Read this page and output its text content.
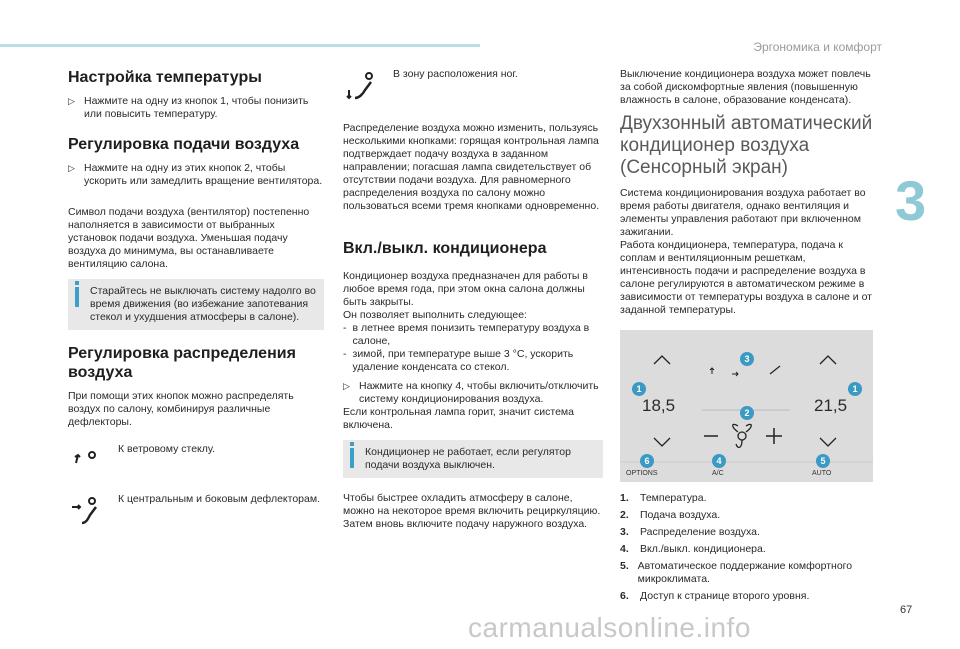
Эргономика и комфорт
3
67
carmanualsonline.info
Настройка температуры
▷ Нажмите на одну из кнопок 1, чтобы понизить или повысить температуру.
Регулировка подачи воздуха
▷ Нажмите на одну из этих кнопок 2, чтобы ускорить или замедлить вращение вентилятора.

Символ подачи воздуха (вентилятор) постепенно наполняется в зависимости от выбранных установок подачи воздуха. Уменьшая подачу воздуха до минимума, вы останавливаете вентиляцию салона.

Старайтесь не выключать систему надолго во время движения (во избежание запотевания стекол и ухудшения атмосферы в салоне).
Регулировка распределения воздуха

При помощи этих кнопок можно распределять воздух по салону, комбинируя различные дефлекторы.

К ветровому стеклу.
К центральным и боковым дефлекторам.
В зону расположения ног.

Распределение воздуха можно изменить, пользуясь несколькими кнопками: горящая контрольная лампа подтверждает подачу воздуха в заданном направлении; погасшая лампа свидетельствует об отсутствии подачи воздуха. Для равномерного распределения воздуха по салону можно пользоваться всеми тремя кнопками одновременно.

Вкл./выкл. кондиционера

Кондиционер воздуха предназначен для работы в любое время года, при этом окна салона должны быть закрыты.

Он позволяет выполнить следующее:

- в летнее время понизить температуру воздуха в салоне,
- зимой, при температуре выше 3 °C, ускорить удаление конденсата со стекол.
▷ Нажмите на кнопку 4, чтобы включить/отключить систему кондиционирования воздуха.

Если контрольная лампа горит, значит система включена.

Кондиционер не работает, если регулятор подачи воздуха выключен.

Чтобы быстрее охладить атмосферу в салоне, можно на некоторое время включить рециркуляцию. Затем вновь включите подачу наружного воздуха.

Выключение кондиционера воздуха может повлечь за собой дискомфортные явления (повышенную влажность в салоне, образование конденсата).

Двухзонный автоматический кондиционер воздуха (Сенсорный экран)

Система кондиционирования воздуха работает во время работы двигателя, однако вентиляция и элементы управления работают при включенном зажигании.

Работа кондиционера, температура, подача к соплам и вентиляционным решеткам, интенсивность подачи и распределение воздуха в салоне регулируются в автоматическом режиме в зависимости от температуры воздуха в салоне и от заданной температуры.

18,5	21,5
OPTIONS	A/C	AUTO
1	1
2
3
4	5
6
1.	Температура.
2.	Подача воздуха.
3.	Распределение воздуха.
4.	Вкл./выкл. кондиционера.
5. Автоматическое поддержание комфортного микроклимата.
6.	Доступ к странице второго уровня.
